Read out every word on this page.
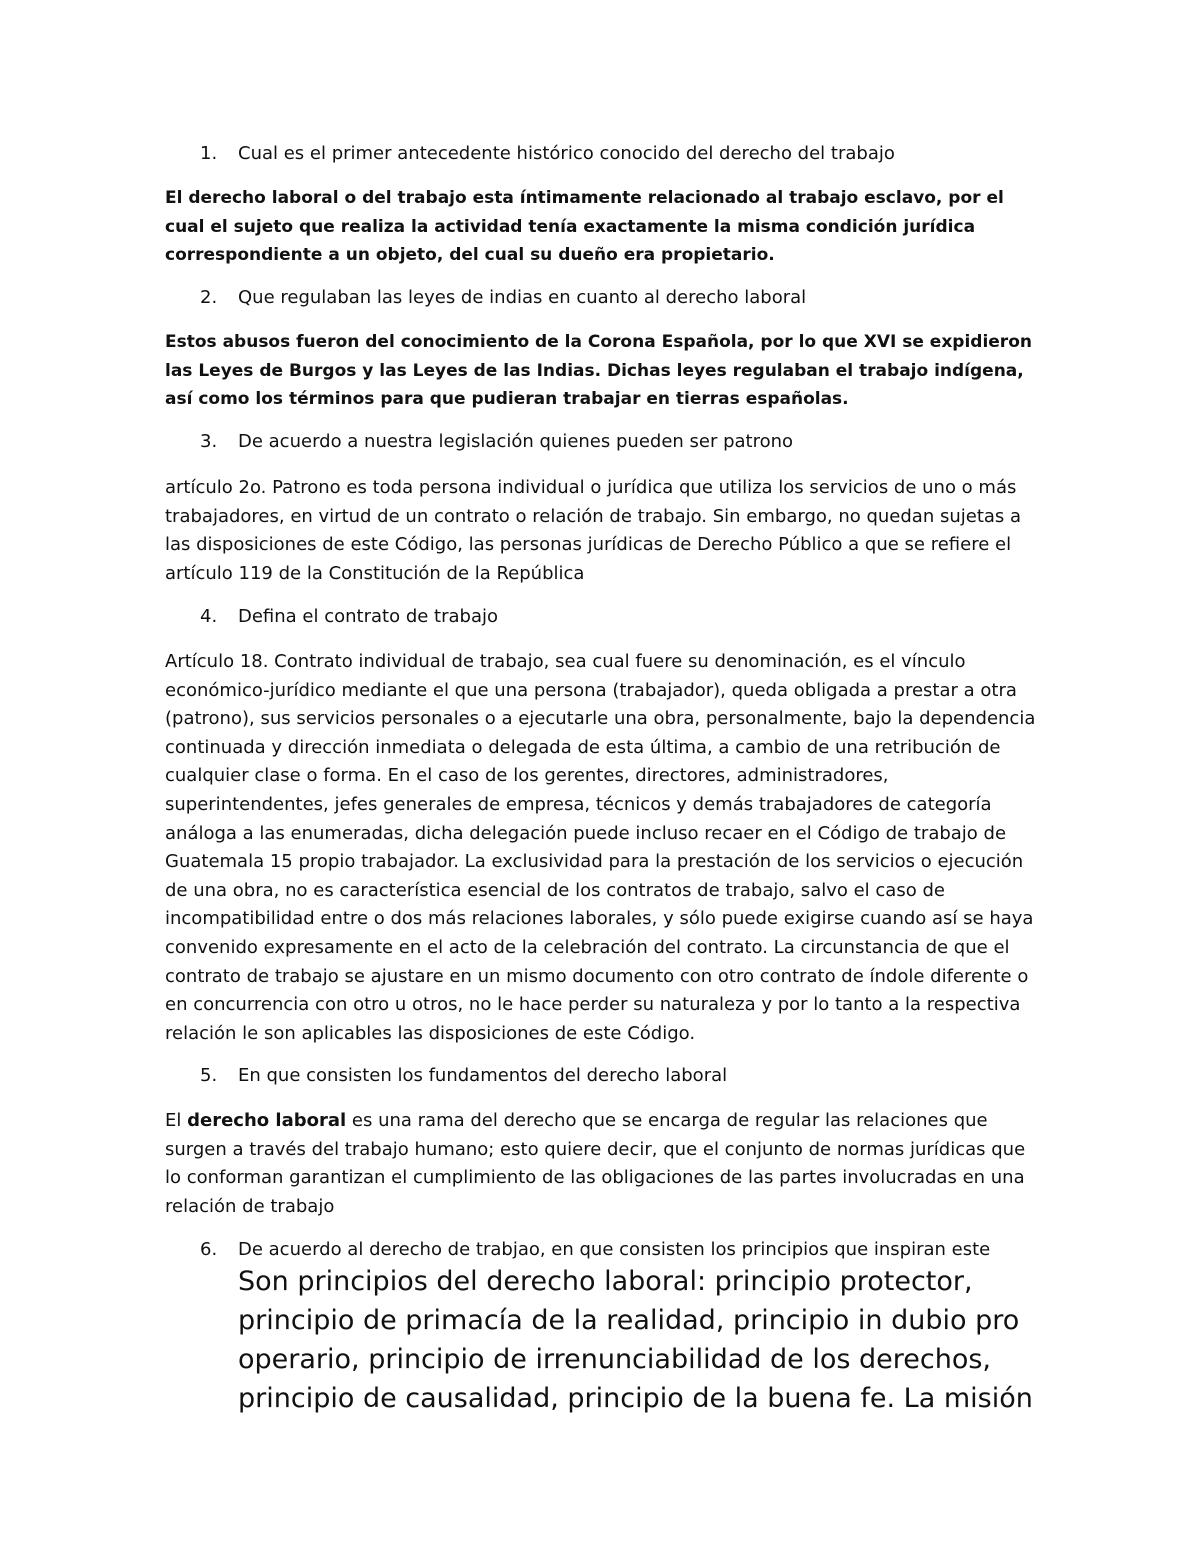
1. Cual es el primer antecedente histórico conocido del derecho del trabajo

El derecho laboral o del trabajo esta íntimamente relacionado al trabajo esclavo, por el cual el sujeto que realiza la actividad tenía exactamente la misma condición jurídica correspondiente a un objeto, del cual su dueño era propietario.

2. Que regulaban las leyes de indias en cuanto al derecho laboral

Estos abusos fueron del conocimiento de la Corona Española, por lo que XVI se expidieron las Leyes de Burgos y las Leyes de las Indias. Dichas leyes regulaban el trabajo indígena, así como los términos para que pudieran trabajar en tierras españolas.

3. De acuerdo a nuestra legislación quienes pueden ser patrono

artículo 2o. Patrono es toda persona individual o jurídica que utiliza los servicios de uno o más trabajadores, en virtud de un contrato o relación de trabajo. Sin embargo, no quedan sujetas a las disposiciones de este Código, las personas jurídicas de Derecho Público a que se refiere el artículo 119 de la Constitución de la República

4. Defina el contrato de trabajo

Artículo 18. Contrato individual de trabajo, sea cual fuere su denominación, es el vínculo económico-jurídico mediante el que una persona (trabajador), queda obligada a prestar a otra (patrono), sus servicios personales o a ejecutarle una obra, personalmente, bajo la dependencia continuada y dirección inmediata o delegada de esta última, a cambio de una retribución de cualquier clase o forma. En el caso de los gerentes, directores, administradores, superintendentes, jefes generales de empresa, técnicos y demás trabajadores de categoría análoga a las enumeradas, dicha delegación puede incluso recaer en el Código de trabajo de Guatemala 15 propio trabajador. La exclusividad para la prestación de los servicios o ejecución de una obra, no es característica esencial de los contratos de trabajo, salvo el caso de incompatibilidad entre o dos más relaciones laborales, y sólo puede exigirse cuando así se haya convenido expresamente en el acto de la celebración del contrato. La circunstancia de que el contrato de trabajo se ajustare en un mismo documento con otro contrato de índole diferente o en concurrencia con otro u otros, no le hace perder su naturaleza y por lo tanto a la respectiva relación le son aplicables las disposiciones de este Código.

5. En que consisten los fundamentos del derecho laboral

El derecho laboral es una rama del derecho que se encarga de regular las relaciones que surgen a través del trabajo humano; esto quiere decir, que el conjunto de normas jurídicas que lo conforman garantizan el cumplimiento de las obligaciones de las partes involucradas en una relación de trabajo

6. De acuerdo al derecho de trabjao, en que consisten los principios que inspiran este

Son principios del derecho laboral: principio protector, principio de primacía de la realidad, principio in dubio pro operario, principio de irrenunciabilidad de los derechos, principio de causalidad, principio de la buena fe. La misión
